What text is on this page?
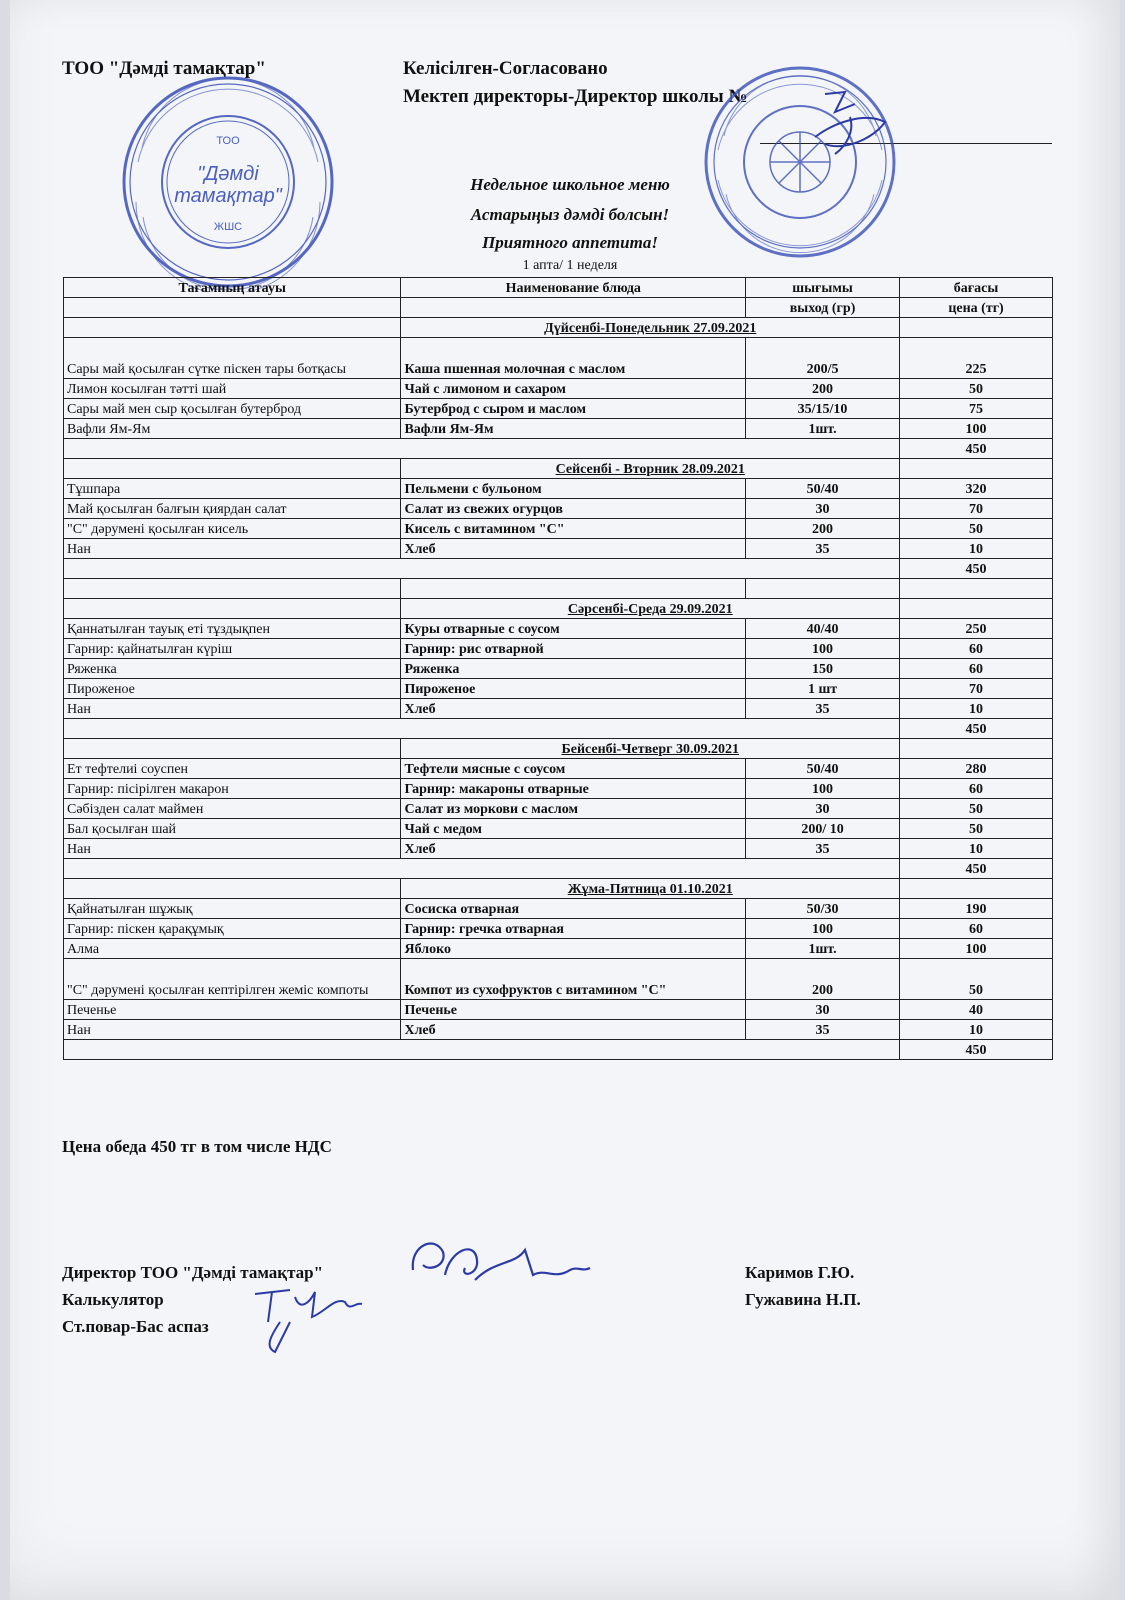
ТОО "Дәмді тамақтар"	Келісілген-Согласовано
Мектеп директоры-Директор школы №
Недельное школьное меню
Астарыңыз дәмді болсын!
Приятного аппетита!
1 апта/ 1 неделя
ТОО
"Дәмді
тамақтар"
ЖШС
Тағамның атауы	Наименование блюда	шығымы	бағасы
		выход (гр)	цена (тг)
	Дүйсенбі-Понедельник 27.09.2021		
Сары май қосылған сүтке піскен тары ботқасы	Каша пшенная молочная с маслом	200/5	225
Лимон косылған тәтті шай	Чай с лимоном и сахаром	200	50
Сары май мен сыр қосылған бутерброд	Бутерброд с сыром и маслом	35/15/10	75
Вафли Ям-Ям	Вафли Ям-Ям	1шт.	100
			450
	Сейсенбі - Вторник 28.09.2021		
Тұшпара	Пельмени с бульоном	50/40	320
Май қосылған балғын қиярдан салат	Салат из свежих огурцов	30	70
"С" дәрумені қосылған кисель	Кисель с витамином "С"	200	50
Нан	Хлеб	35	10
			450

	Сәрсенбі-Среда 29.09.2021		
Қаннатылған тауық еті тұздықпен	Куры отварные с соусом	40/40	250
Гарнир: қайнатылған күріш	Гарнир: рис отварной	100	60
Ряженка	Ряженка	150	60
Пироженое	Пироженое	1 шт	70
Нан	Хлеб	35	10
			450
	Бейсенбі-Четверг 30.09.2021		
Ет тефтелиі соуспен	Тефтели мясные с соусом	50/40	280
Гарнир: пісірілген макарон	Гарнир: макароны отварные	100	60
Сәбізден салат маймен	Салат из моркови с маслом	30	50
Бал қосылған шай	Чай с медом	200/ 10	50
Нан	Хлеб	35	10
			450
	Жұма-Пятница 01.10.2021		
Қайнатылған шұжық	Сосиска отварная	50/30	190
Гарнир: піскен қарақұмық	Гарнир: гречка отварная	100	60
Алма	Яблоко	1шт.	100
"С" дәрумені қосылған кептірілген жеміс компоты	Компот из сухофруктов с витамином "С"	200	50
Печенье	Печенье	30	40
Нан	Хлеб	35	10
			450
Цена обеда 450 тг в том числе НДС
Директор ТОО "Дәмді тамақтар"
Калькулятор
Ст.повар-Бас аспаз
Каримов Г.Ю.
Гужавина Н.П.
